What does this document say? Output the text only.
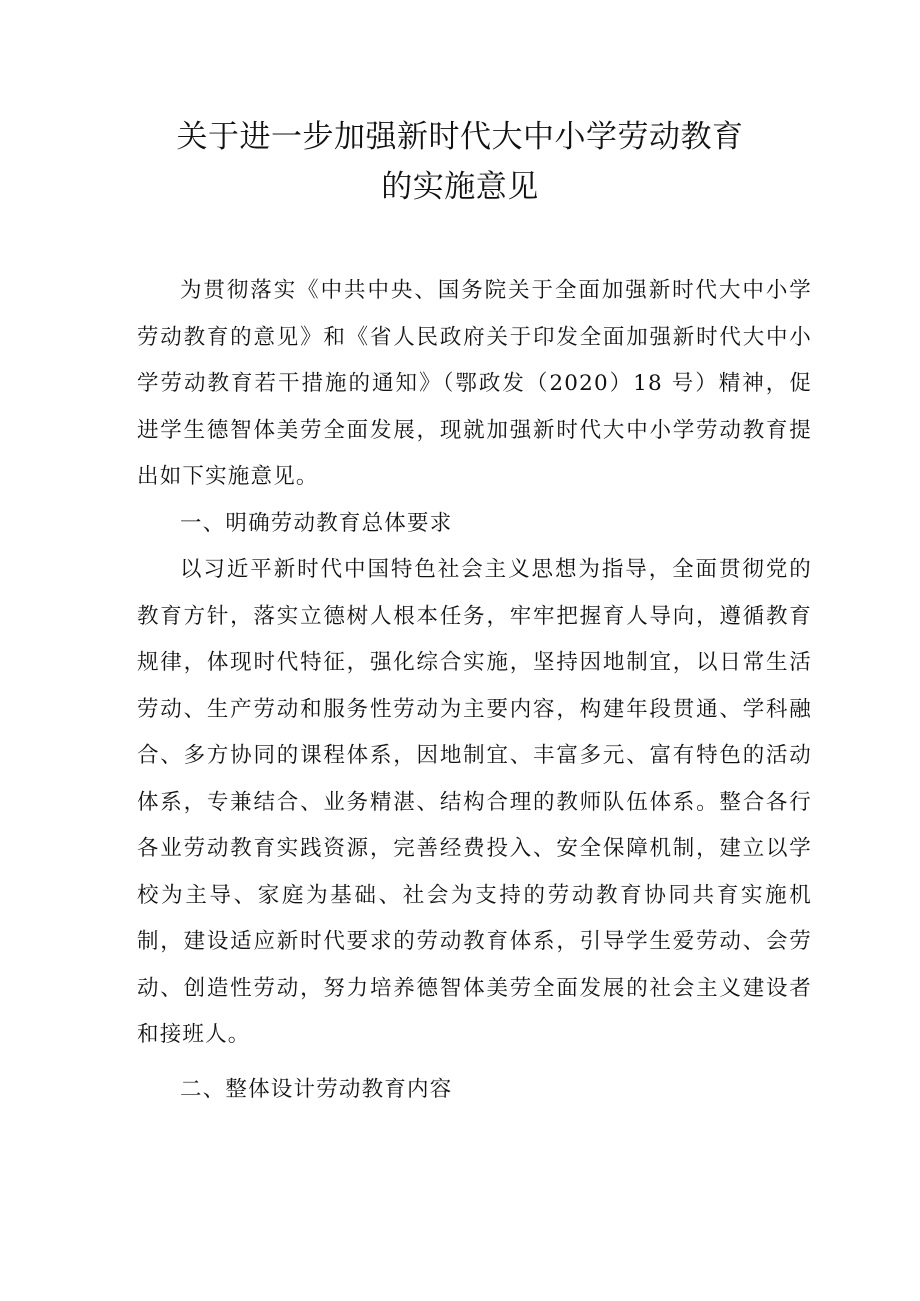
关于进一步加强新时代大中小学劳动教育
的实施意见

为贯彻落实《中共中央、国务院关于全面加强新时代大中小学劳动教育的意见》和《省人民政府关于印发全面加强新时代大中小学劳动教育若干措施的通知》（鄂政发（2020）18 号）精神，促进学生德智体美劳全面发展，现就加强新时代大中小学劳动教育提出如下实施意见。

一、明确劳动教育总体要求

以习近平新时代中国特色社会主义思想为指导，全面贯彻党的教育方针，落实立德树人根本任务，牢牢把握育人导向，遵循教育规律，体现时代特征，强化综合实施，坚持因地制宜，以日常生活劳动、生产劳动和服务性劳动为主要内容，构建年段贯通、学科融合、多方协同的课程体系，因地制宜、丰富多元、富有特色的活动体系，专兼结合、业务精湛、结构合理的教师队伍体系。整合各行各业劳动教育实践资源，完善经费投入、安全保障机制，建立以学校为主导、家庭为基础、社会为支持的劳动教育协同共育实施机制，建设适应新时代要求的劳动教育体系，引导学生爱劳动、会劳动、创造性劳动，努力培养德智体美劳全面发展的社会主义建设者和接班人。

二、整体设计劳动教育内容
